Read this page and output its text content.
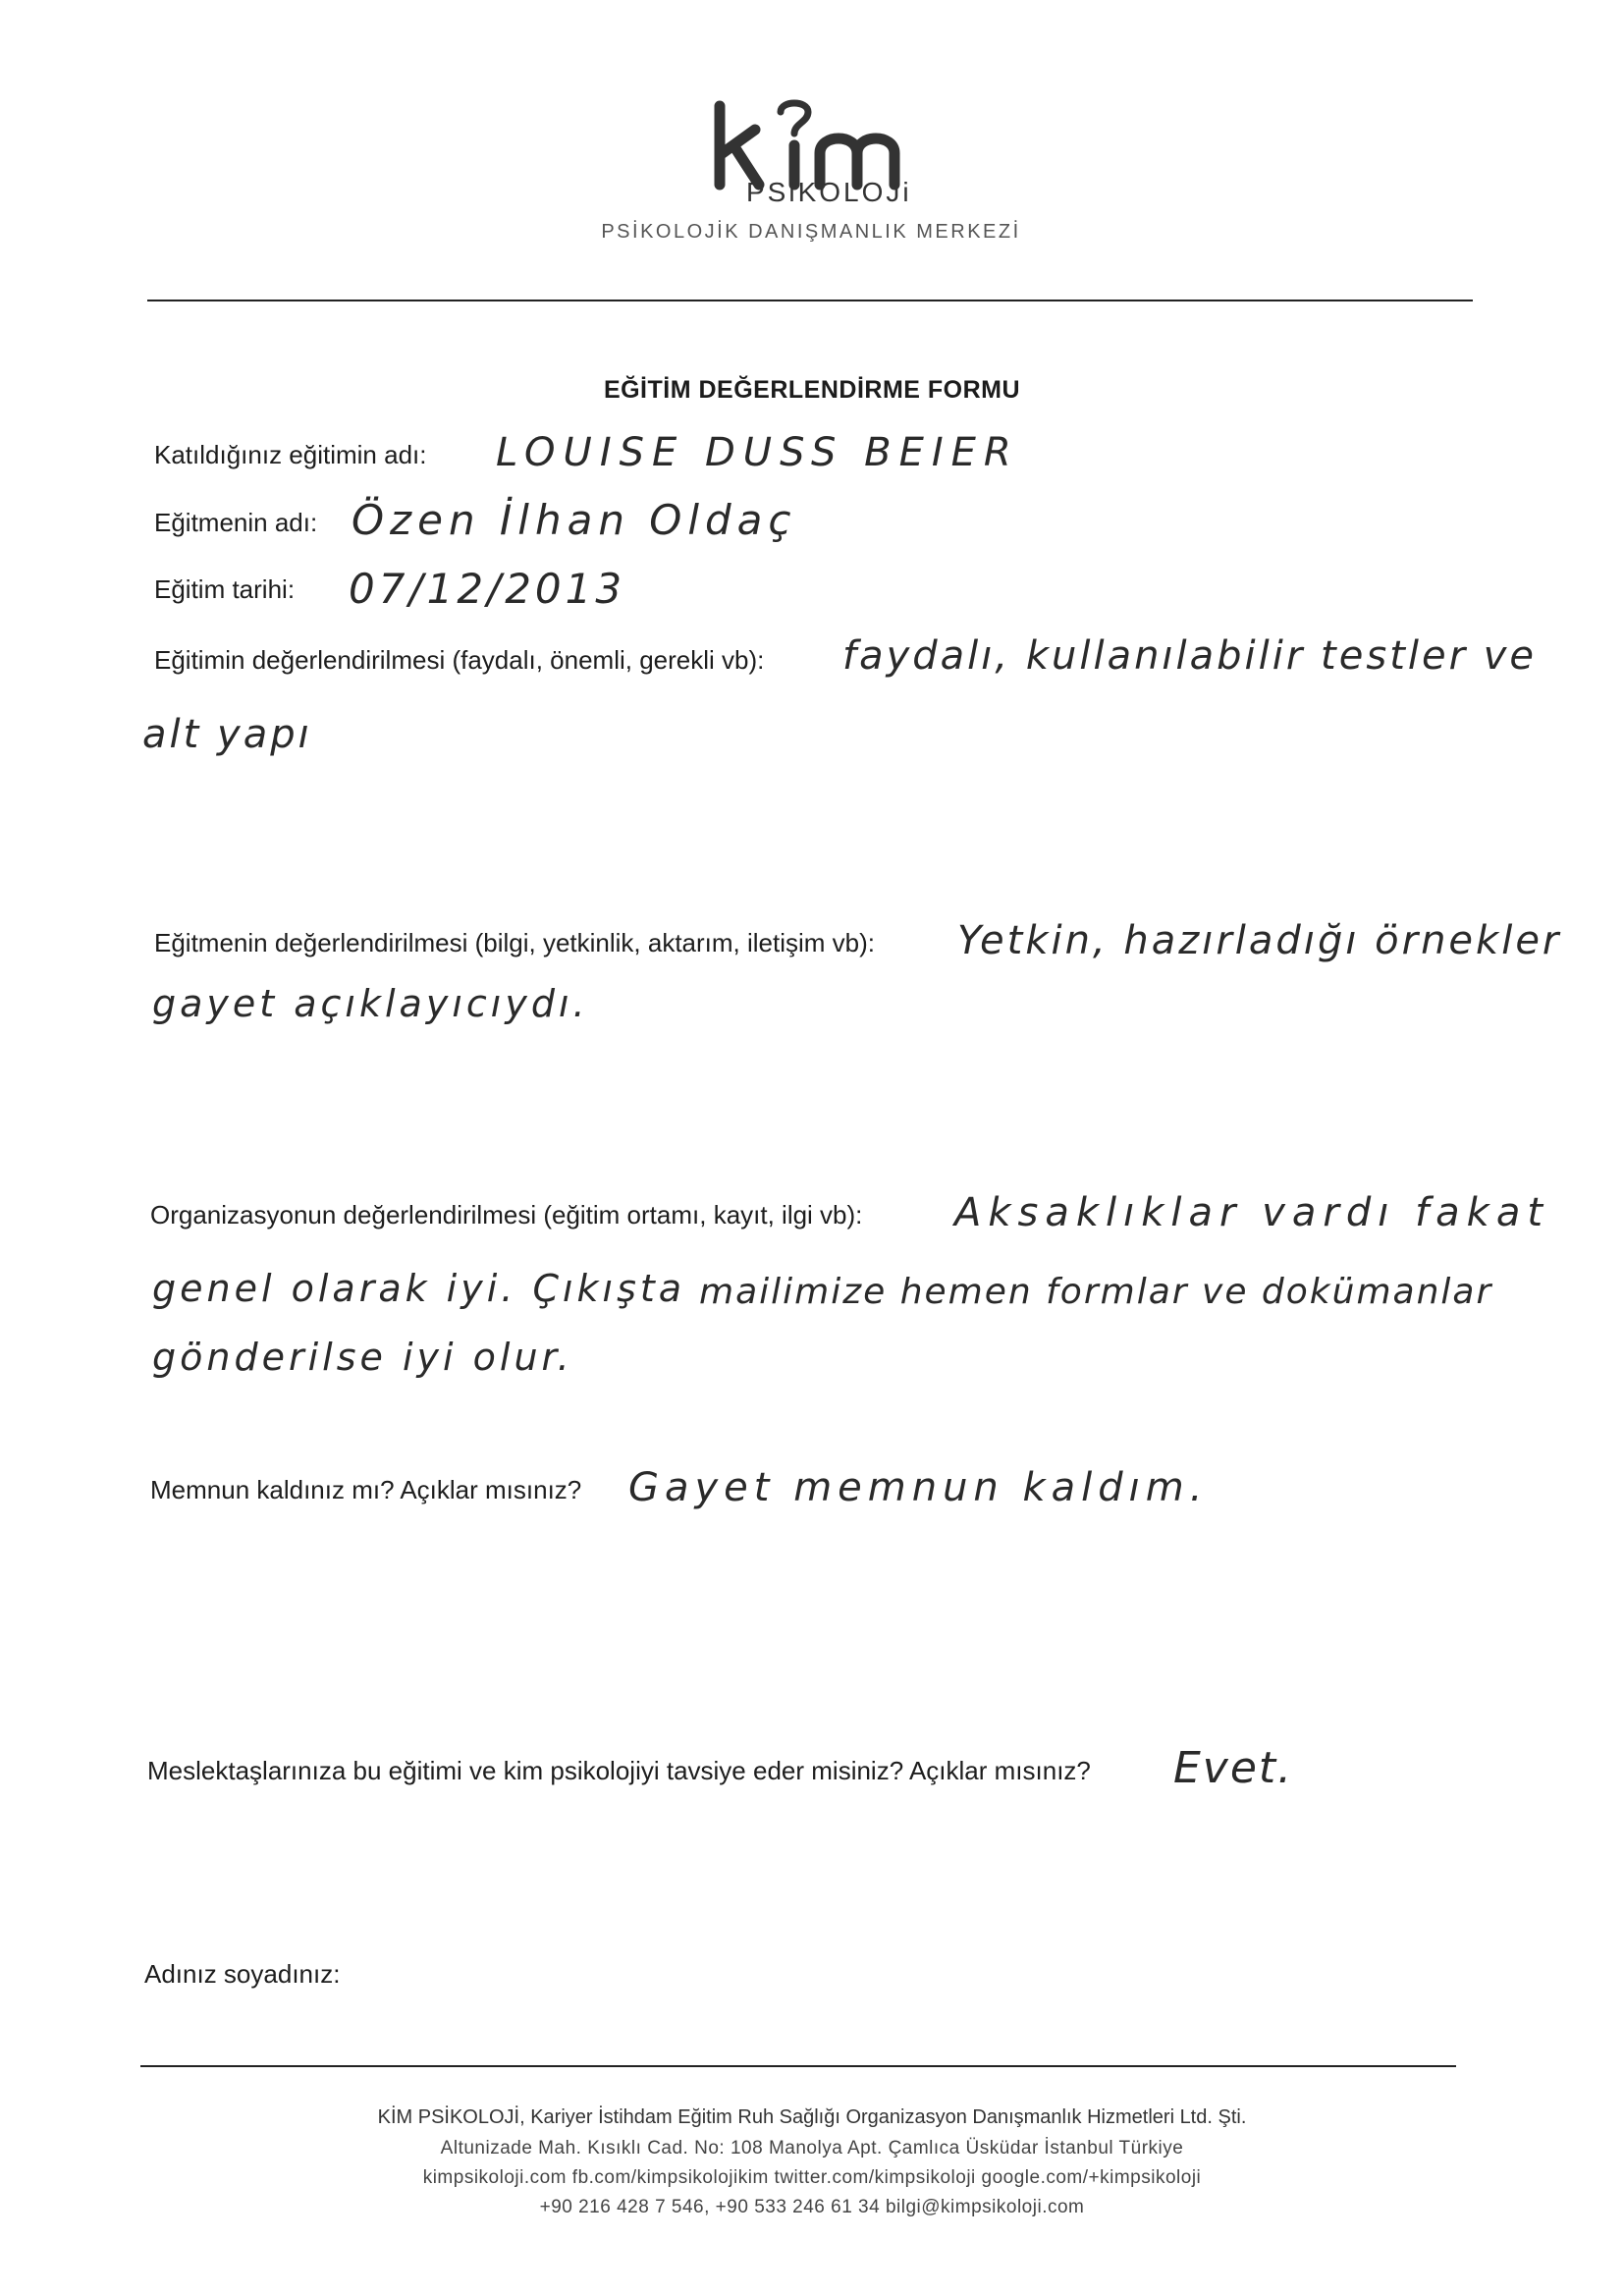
PSiKOLOJi
PSİKOLOJİK DANIŞMANLIK MERKEZİ
EĞİTİM DEĞERLENDİRME FORMU
Katıldığınız eğitimin adı: LOUISE DUSS BEIER
Eğitmenin adı: Özen İlhan Oldaç
Eğitim tarihi: 07/12/2013
Eğitimin değerlendirilmesi (faydalı, önemli, gerekli vb): faydalı, kullanılabilir testler ve
alt yapı
Eğitmenin değerlendirilmesi (bilgi, yetkinlik, aktarım, iletişim vb): Yetkin, hazırladığı örnekler
gayet açıklayıcıydı.
Organizasyonun değerlendirilmesi (eğitim ortamı, kayıt, ilgi vb): Aksaklıklar vardı fakat
genel olarak iyi. Çıkışta mailimize hemen formlar ve dokümanlar
gönderilse iyi olur.
Memnun kaldınız mı? Açıklar mısınız? Gayet memnun kaldım.
Meslektaşlarınıza bu eğitimi ve kim psikolojiyi tavsiye eder misiniz? Açıklar mısınız? Evet.
Adınız soyadınız:
KİM PSİKOLOJİ, Kariyer İstihdam Eğitim Ruh Sağlığı Organizasyon Danışmanlık Hizmetleri Ltd. Şti.
Altunizade Mah. Kısıklı Cad. No: 108 Manolya Apt. Çamlıca Üsküdar İstanbul Türkiye
kimpsikoloji.com fb.com/kimpsikolojikim twitter.com/kimpsikoloji google.com/+kimpsikoloji
+90 216 428 7 546, +90 533 246 61 34 bilgi@kimpsikoloji.com
